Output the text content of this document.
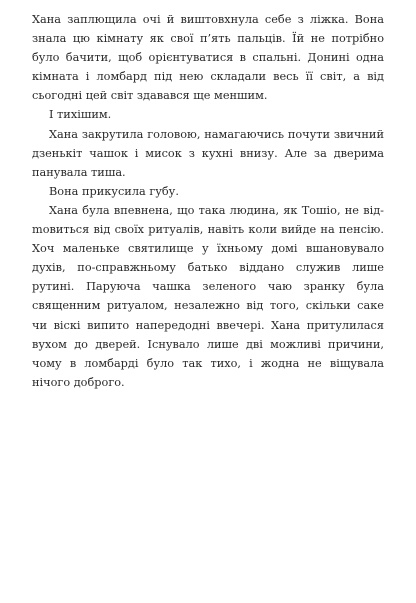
Хана заплющила очі й виштовхнула себе з ліжка. Вона знала цю кімнату як свої п’ять пальців. Їй не потрібно було бачити, щоб орієнтуватися в спальні. Донині одна кімната і ломбард під нею складали весь її світ, а від сьогодні цей світ здавався ще меншим.

І тихішим.

Хана закрутила головою, намагаючись почути звичний дзенькіт чашок і мисок з кухні внизу. Але за дверима панувала тиша.

Вона прикусила губу.

Хана була впевнена, що така людина, як Тошіо, не відmовиться від своїх ритуалів, навіть коли вийде на пенсію. Хоч маленьке святилище у їхньому домі вшановувало духів, по-справжньому батько віддано служив лише рутині. Паруюча чашка зеленого чаю зранку була священним ритуалом, незалежно від того, скільки саке чи віскі випито напередодні ввечері. Хана притулилася вухом до дверей. Існувало лише дві можливі причини, чому в ломбарді було так тихо, і жодна не віщувала нічого доброго.
